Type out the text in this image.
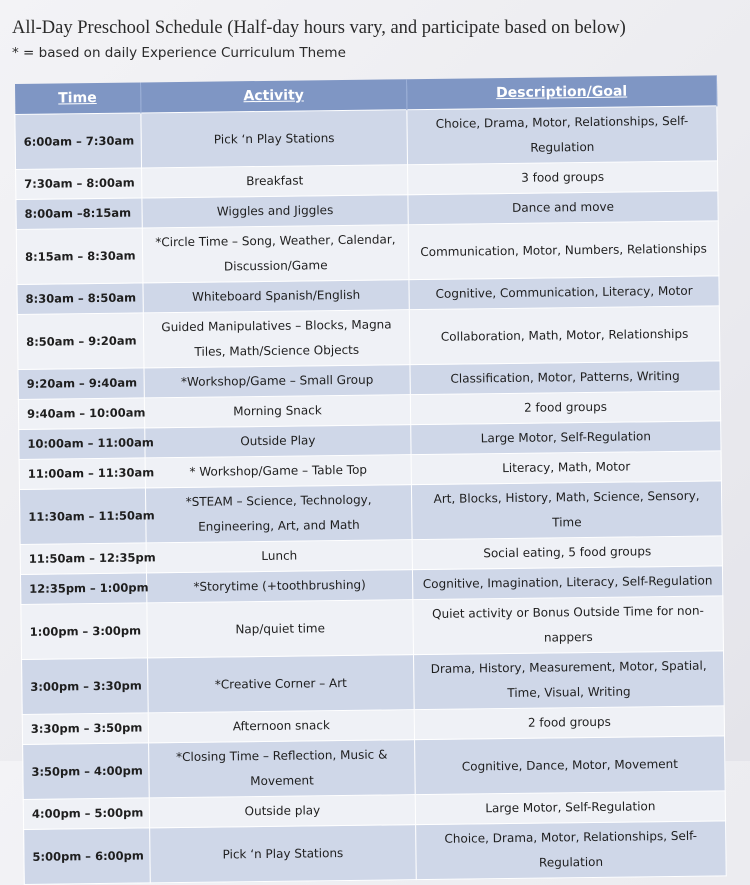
All-Day Preschool Schedule (Half-day hours vary, and participate based on below)
* = based on daily Experience Curriculum Theme
Time	Activity	Description/Goal
6:00am – 7:30am	Pick ‘n Play Stations	Choice, Drama, Motor, Relationships, Self-Regulation
7:30am – 8:00am	Breakfast	3 food groups
8:00am –8:15am	Wiggles and Jiggles	Dance and move
8:15am – 8:30am	*Circle Time – Song, Weather, Calendar, Discussion/Game	Communication, Motor, Numbers, Relationships
8:30am – 8:50am	Whiteboard Spanish/English	Cognitive, Communication, Literacy, Motor
8:50am – 9:20am	Guided Manipulatives – Blocks, Magna Tiles, Math/Science Objects	Collaboration, Math, Motor, Relationships
9:20am – 9:40am	*Workshop/Game – Small Group	Classification, Motor, Patterns, Writing
9:40am – 10:00am	Morning Snack	2 food groups
10:00am – 11:00am	Outside Play	Large Motor, Self-Regulation
11:00am – 11:30am	* Workshop/Game – Table Top	Literacy, Math, Motor
11:30am – 11:50am	*STEAM – Science, Technology, Engineering, Art, and Math	Art, Blocks, History, Math, Science, Sensory, Time
11:50am – 12:35pm	Lunch	Social eating, 5 food groups
12:35pm – 1:00pm	*Storytime (+toothbrushing)	Cognitive, Imagination, Literacy, Self-Regulation
1:00pm – 3:00pm	Nap/quiet time	Quiet activity or Bonus Outside Time for non-nappers
3:00pm – 3:30pm	*Creative Corner – Art	Drama, History, Measurement, Motor, Spatial, Time, Visual, Writing
3:30pm – 3:50pm	Afternoon snack	2 food groups
3:50pm – 4:00pm	*Closing Time – Reflection, Music & Movement	Cognitive, Dance, Motor, Movement
4:00pm – 5:00pm	Outside play	Large Motor, Self-Regulation
5:00pm – 6:00pm	Pick ‘n Play Stations	Choice, Drama, Motor, Relationships, Self-Regulation
